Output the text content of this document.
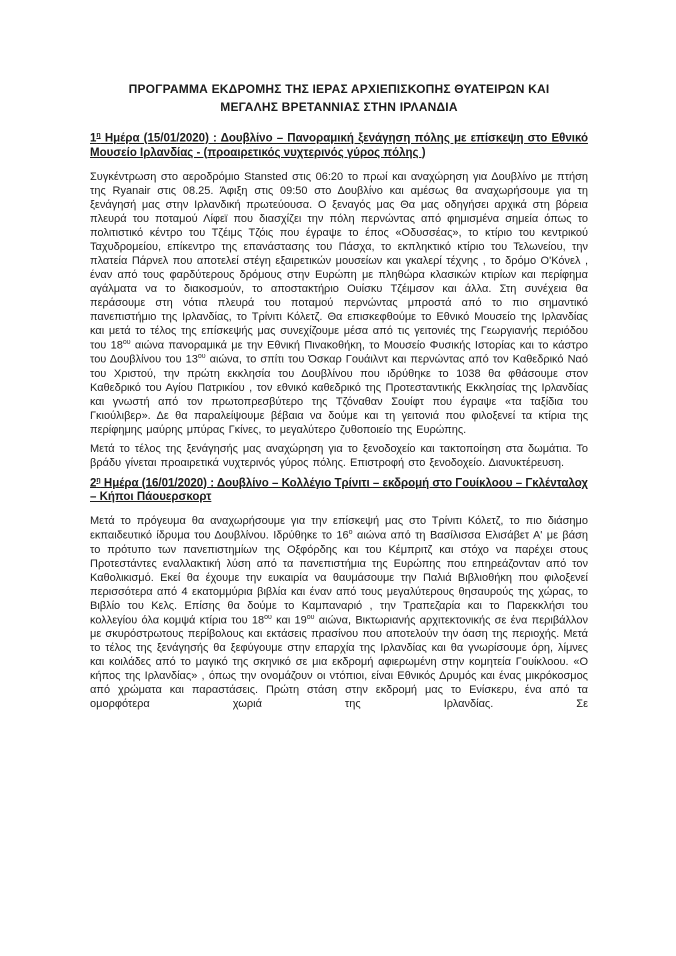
ΠΡΟΓΡΑΜΜΑ ΕΚΔΡΟΜΗΣ ΤΗΣ ΙΕΡΑΣ ΑΡΧΙΕΠΙΣΚΟΠΗΣ ΘΥΑΤΕΙΡΩΝ ΚΑΙ
ΜΕΓΑΛΗΣ ΒΡΕΤΑΝΝΙΑΣ ΣΤΗΝ ΙΡΛΑΝΔΙΑ
$1^\eta$ Ημέρα (15/01/2020) : Δουβλίνο – Πανοραμική ξενάγηση πόλης με επίσκεψη στο Εθνικό Μουσείο Ιρλανδίας - (προαιρετικός νυχτερινός γύρος πόλης )

Συγκέντρωση στο αεροδρόμιο Stansted στις 06:20 το πρωί και αναχώρηση για Δουβλίνο με πτήση της Ryanair στις 08.25. Άφιξη στις 09:50 στο Δουβλίνο και αμέσως θα αναχωρήσουμε για τη ξενάγησή μας στην Ιρλανδική πρωτεύουσα. Ο ξεναγός μας Θα μας οδηγήσει αρχικά στη βόρεια πλευρά του ποταμού Λίφεϊ που διασχίζει την πόλη περνώντας από φημισμένα σημεία όπως το πολιτιστικό κέντρο του Τζέιμς Τζόις που έγραψε το έπος «Οδυσσέας», το κτίριο του κεντρικού Ταχυδρομείου, επίκεντρο της επανάστασης του Πάσχα, το εκπληκτικό κτίριο του Τελωνείου, την πλατεία Πάρνελ που αποτελεί στέγη εξαιρετικών μουσείων και γκαλερί τέχνης , το δρόμο Ο'Κόνελ , έναν από τους φαρδύτερους δρόμους στην Ευρώπη με πληθώρα κλασικών κτιρίων και περίφημα αγάλματα να το διακοσμούν, το αποστακτήριο Ουίσκυ Τζέιμσον και άλλα. Στη συνέχεια θα περάσουμε στη νότια πλευρά του ποταμού περνώντας μπροστά από το πιο σημαντικό πανεπιστήμιο της Ιρλανδίας, το Τρίνιτι Κόλετζ. Θα επισκεφθούμε το Εθνικό Μουσείο της Ιρλανδίας και μετά το τέλος της επίσκεψής μας συνεχίζουμε μέσα από τις γειτονιές της Γεωργιανής περιόδου του $18^{o\upsilon}$ αιώνα πανοραμικά με την Εθνική Πινακοθήκη, το Μουσείο Φυσικής Ιστορίας και το κάστρο του Δουβλίνου του $13^{o\upsilon}$ αιώνα, το σπίτι του Όσκαρ Γουάιλντ και περνώντας από τον Καθεδρικό Ναό του Χριστού, την πρώτη εκκλησία του Δουβλίνου που ιδρύθηκε το 1038 θα φθάσουμε στον Καθεδρικό του Αγίου Πατρικίου , τον εθνικό καθεδρικό της Προτεσταντικής Εκκλησίας της Ιρλανδίας και γνωστή από τον πρωτοπρεσβύτερο της Τζόναθαν Σουίφτ που έγραψε «τα ταξίδια του Γκιούλιβερ». Δε θα παραλείψουμε βέβαια να δούμε και τη γειτονιά που φιλοξενεί τα κτίρια της περίφημης μαύρης μπύρας Γκίνες, το μεγαλύτερο ζυθοποιείο της Ευρώπης.

Μετά το τέλος της ξενάγησής μας αναχώρηση για το ξενοδοχείο και τακτοποίηση στα δωμάτια. Το βράδυ γίνεται προαιρετικά νυχτερινός γύρος πόλης. Επιστροφή στο ξενοδοχείο. Διανυκτέρευση.

$2^\eta$ Ημέρα (16/01/2020) : Δουβλίνο – Κολλέγιο Τρίνιτι – εκδρομή στο Γουίκλοου – Γκλένταλοχ – Κήποι Πάουερσκορτ

Μετά το πρόγευμα θα αναχωρήσουμε για την επίσκεψή μας στο Τρίνιτι Κόλετζ, το πιο διάσημο εκπαιδευτικό ίδρυμα του Δουβλίνου. Ιδρύθηκε το $16^o$ αιώνα από τη Βασίλισσα Ελισάβετ Α' με βάση το πρότυπο των πανεπιστημίων της Οξφόρδης και του Κέμπριτζ και στόχο να παρέχει στους Προτεστάντες εναλλακτική λύση από τα πανεπιστήμια της Ευρώπης που επηρεάζονταν από τον Καθολικισμό. Εκεί θα έχουμε την ευκαιρία να θαυμάσουμε την Παλιά Βιβλιοθήκη που φιλοξενεί περισσότερα από 4 εκατομμύρια βιβλία και έναν από τους μεγαλύτερους θησαυρούς της χώρας, το Βιβλίο του Κελς. Επίσης θα δούμε το Καμπαναριό , την Τραπεζαρία και το Παρεκκλήσι του κολλεγίου όλα κομψά κτίρια του $18^{o\upsilon}$ και $19^{o\upsilon}$ αιώνα, Βικτωριανής αρχιτεκτονικής σε ένα περιβάλλον με σκυρόστρωτους περίβολους και εκτάσεις πρασίνου που αποτελούν την όαση της περιοχής. Μετά το τέλος της ξενάγησής θα ξεφύγουμε στην επαρχία της Ιρλανδίας και θα γνωρίσουμε όρη, λίμνες και κοιλάδες από το μαγικό της σκηνικό σε μια εκδρομή αφιερωμένη στην κομητεία Γουίκλοου. «Ο κήπος της Ιρλανδίας» , όπως την ονομάζουν οι ντόπιοι, είναι Εθνικός Δρυμός και ένας μικρόκοσμος από χρώματα και παραστάσεις. Πρώτη στάση στην εκδρομή μας το Ενίσκερυ, ένα από τα ομορφότερα χωριά της Ιρλανδίας. Σε
